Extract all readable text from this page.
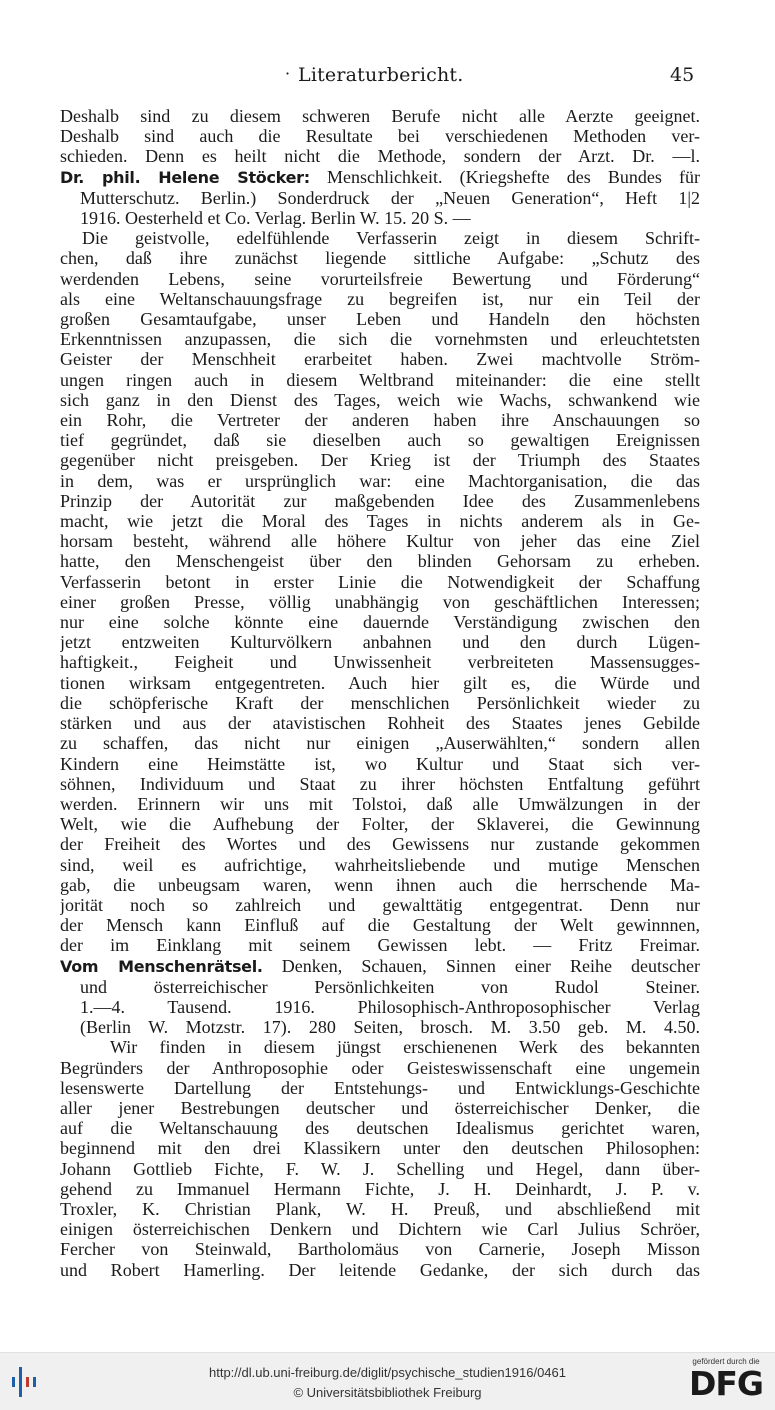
· Literaturbericht.	45

Deshalb sind zu diesem schweren Berufe nicht alle Aerzte geeignet.

Deshalb sind auch die Resultate bei verschiedenen Methoden ver-

schieden. Denn es heilt nicht die Methode, sondern der Arzt. Dr. —l.

Dr. phil. Helene Stöcker: Menschlichkeit. (Kriegshefte des Bundes für

Mutterschutz. Berlin.) Sonderdruck der „Neuen Generation“, Heft 1|2

1916. Oesterheld et Co. Verlag. Berlin W. 15. 20 S. —

Die geistvolle, edelfühlende Verfasserin zeigt in diesem Schrift-

chen, daß ihre zunächst liegende sittliche Aufgabe: „Schutz des

werdenden Lebens, seine vorurteilsfreie Bewertung und Förderung“

als eine Weltanschauungsfrage zu begreifen ist, nur ein Teil der

großen Gesamtaufgabe, unser Leben und Handeln den höchsten

Erkenntnissen anzupassen, die sich die vornehmsten und erleuchtetsten

Geister der Menschheit erarbeitet haben. Zwei machtvolle Ström-

ungen ringen auch in diesem Weltbrand miteinander: die eine stellt

sich ganz in den Dienst des Tages, weich wie Wachs, schwankend wie

ein Rohr, die Vertreter der anderen haben ihre Anschauungen so

tief gegründet, daß sie dieselben auch so gewaltigen Ereignissen

gegenüber nicht preisgeben. Der Krieg ist der Triumph des Staates

in dem, was er ursprünglich war: eine Machtorganisation, die das

Prinzip der Autorität zur maßgebenden Idee des Zusammenlebens

macht, wie jetzt die Moral des Tages in nichts anderem als in Ge-

horsam besteht, während alle höhere Kultur von jeher das eine Ziel

hatte, den Menschengeist über den blinden Gehorsam zu erheben.

Verfasserin betont in erster Linie die Notwendigkeit der Schaffung

einer großen Presse, völlig unabhängig von geschäftlichen Interessen;

nur eine solche könnte eine dauernde Verständigung zwischen den

jetzt entzweiten Kulturvölkern anbahnen und den durch Lügen-

haftigkeit., Feigheit und Unwissenheit verbreiteten Massensugges-

tionen wirksam entgegentreten. Auch hier gilt es, die Würde und

die schöpferische Kraft der menschlichen Persönlichkeit wieder zu

stärken und aus der atavistischen Rohheit des Staates jenes Gebilde

zu schaffen, das nicht nur einigen „Auserwählten,“ sondern allen

Kindern eine Heimstätte ist, wo Kultur und Staat sich ver-

söhnen, Individuum und Staat zu ihrer höchsten Entfaltung geführt

werden. Erinnern wir uns mit Tolstoi, daß alle Umwälzungen in der

Welt, wie die Aufhebung der Folter, der Sklaverei, die Gewinnung

der Freiheit des Wortes und des Gewissens nur zustande gekommen

sind, weil es aufrichtige, wahrheitsliebende und mutige Menschen

gab, die unbeugsam waren, wenn ihnen auch die herrschende Ma-

jorität noch so zahlreich und gewalttätig entgegentrat. Denn nur

der Mensch kann Einfluß auf die Gestaltung der Welt gewinnnen,

der im Einklang mit seinem Gewissen lebt. — Fritz Freimar.

Vom Menschenrätsel. Denken, Schauen, Sinnen einer Reihe deutscher

und österreichischer Persönlichkeiten von Rudol Steiner.

1.—4. Tausend. 1916. Philosophisch-Anthroposophischer Verlag

(Berlin W. Motzstr. 17). 280 Seiten, brosch. M. 3.50 geb. M. 4.50.

Wir finden in diesem jüngst erschienenen Werk des bekannten

Begründers der Anthroposophie oder Geisteswissenschaft eine ungemein

lesenswerte Dartellung der Entstehungs- und Entwicklungs-Geschichte

aller jener Bestrebungen deutscher und österreichischer Denker, die

auf die Weltanschauung des deutschen Idealismus gerichtet waren,

beginnend mit den drei Klassikern unter den deutschen Philosophen:

Johann Gottlieb Fichte, F. W. J. Schelling und Hegel, dann über-

gehend zu Immanuel Hermann Fichte, J. H. Deinhardt, J. P. v.

Troxler, K. Christian Plank, W. H. Preuß, und abschließend mit

einigen österreichischen Denkern und Dichtern wie Carl Julius Schröer,

Fercher von Steinwald, Bartholomäus von Carnerie, Joseph Misson

und Robert Hamerling. Der leitende Gedanke, der sich durch das

http://dl.ub.uni-freiburg.de/diglit/psychische_studien1916/0461
© Universitätsbibliothek Freiburg
gefördert durch die
DFG
